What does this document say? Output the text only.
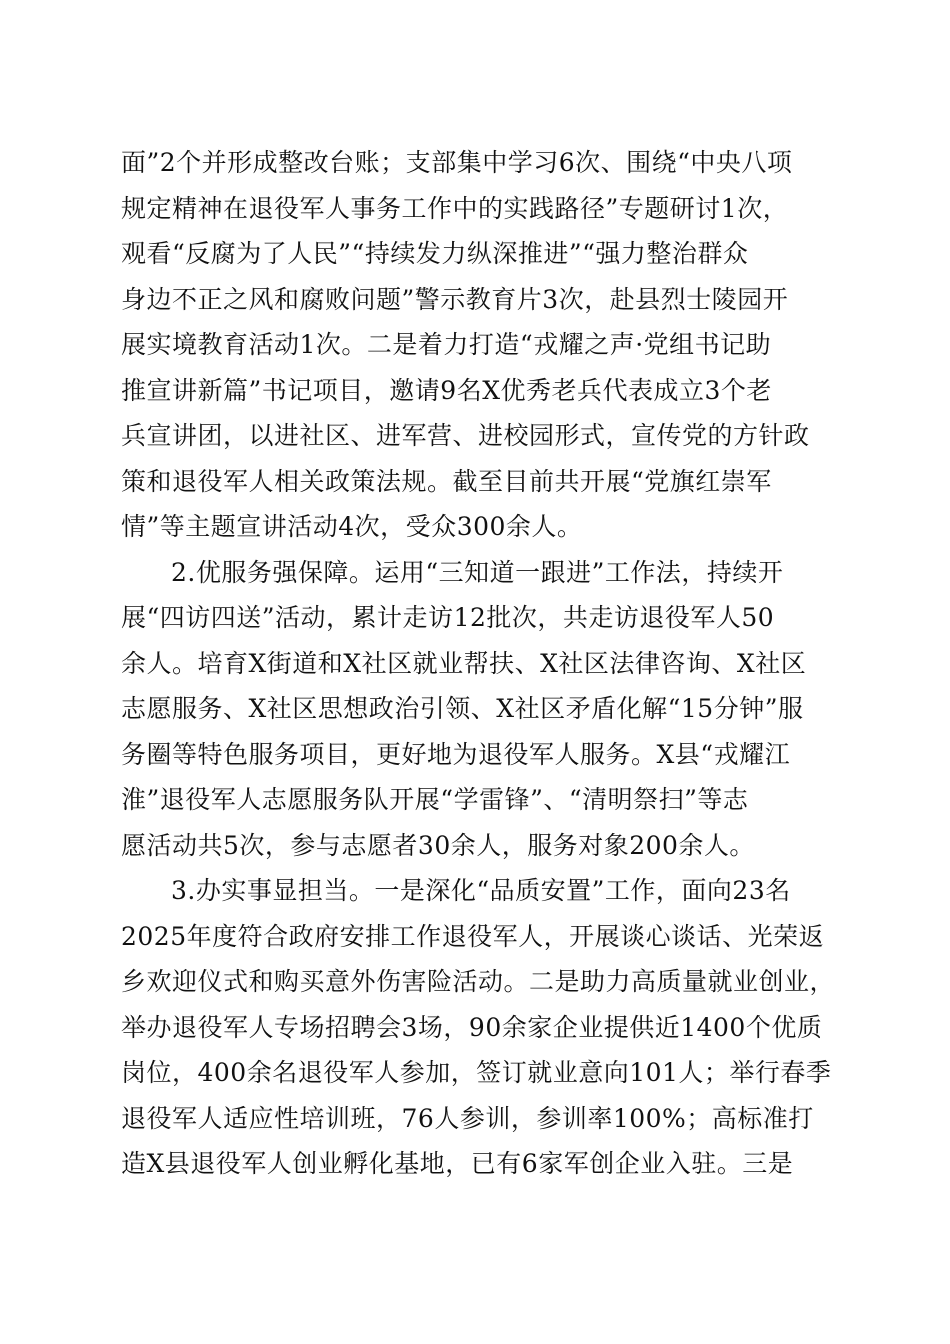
面”2个并形成整改台账；支部集中学习6次、围绕“中央八项
规定精神在退役军人事务工作中的实践路径”专题研讨1次，
观看“反腐为了人民”“持续发力纵深推进”“强力整治群众
身边不正之风和腐败问题”警示教育片3次，赴县烈士陵园开
展实境教育活动1次。二是着力打造“戎耀之声·党组书记助
推宣讲新篇”书记项目，邀请9名X优秀老兵代表成立3个老
兵宣讲团，以进社区、进军营、进校园形式，宣传党的方针政
策和退役军人相关政策法规。截至目前共开展“党旗红崇军
情”等主题宣讲活动4次，受众300余人。
2.优服务强保障。运用“三知道一跟进”工作法，持续开
展“四访四送”活动，累计走访12批次，共走访退役军人50
余人。培育X街道和X社区就业帮扶、X社区法律咨询、X社区
志愿服务、X社区思想政治引领、X社区矛盾化解“15分钟”服
务圈等特色服务项目，更好地为退役军人服务。X县“戎耀江
淮”退役军人志愿服务队开展“学雷锋”、“清明祭扫”等志
愿活动共5次，参与志愿者30余人，服务对象200余人。
3.办实事显担当。一是深化“品质安置”工作，面向23名
2025年度符合政府安排工作退役军人，开展谈心谈话、光荣返
乡欢迎仪式和购买意外伤害险活动。二是助力高质量就业创业，
举办退役军人专场招聘会3场，90余家企业提供近1400个优质
岗位，400余名退役军人参加，签订就业意向101人；举行春季
退役军人适应性培训班，76人参训，参训率100%；高标准打
造X县退役军人创业孵化基地，已有6家军创企业入驻。三是
